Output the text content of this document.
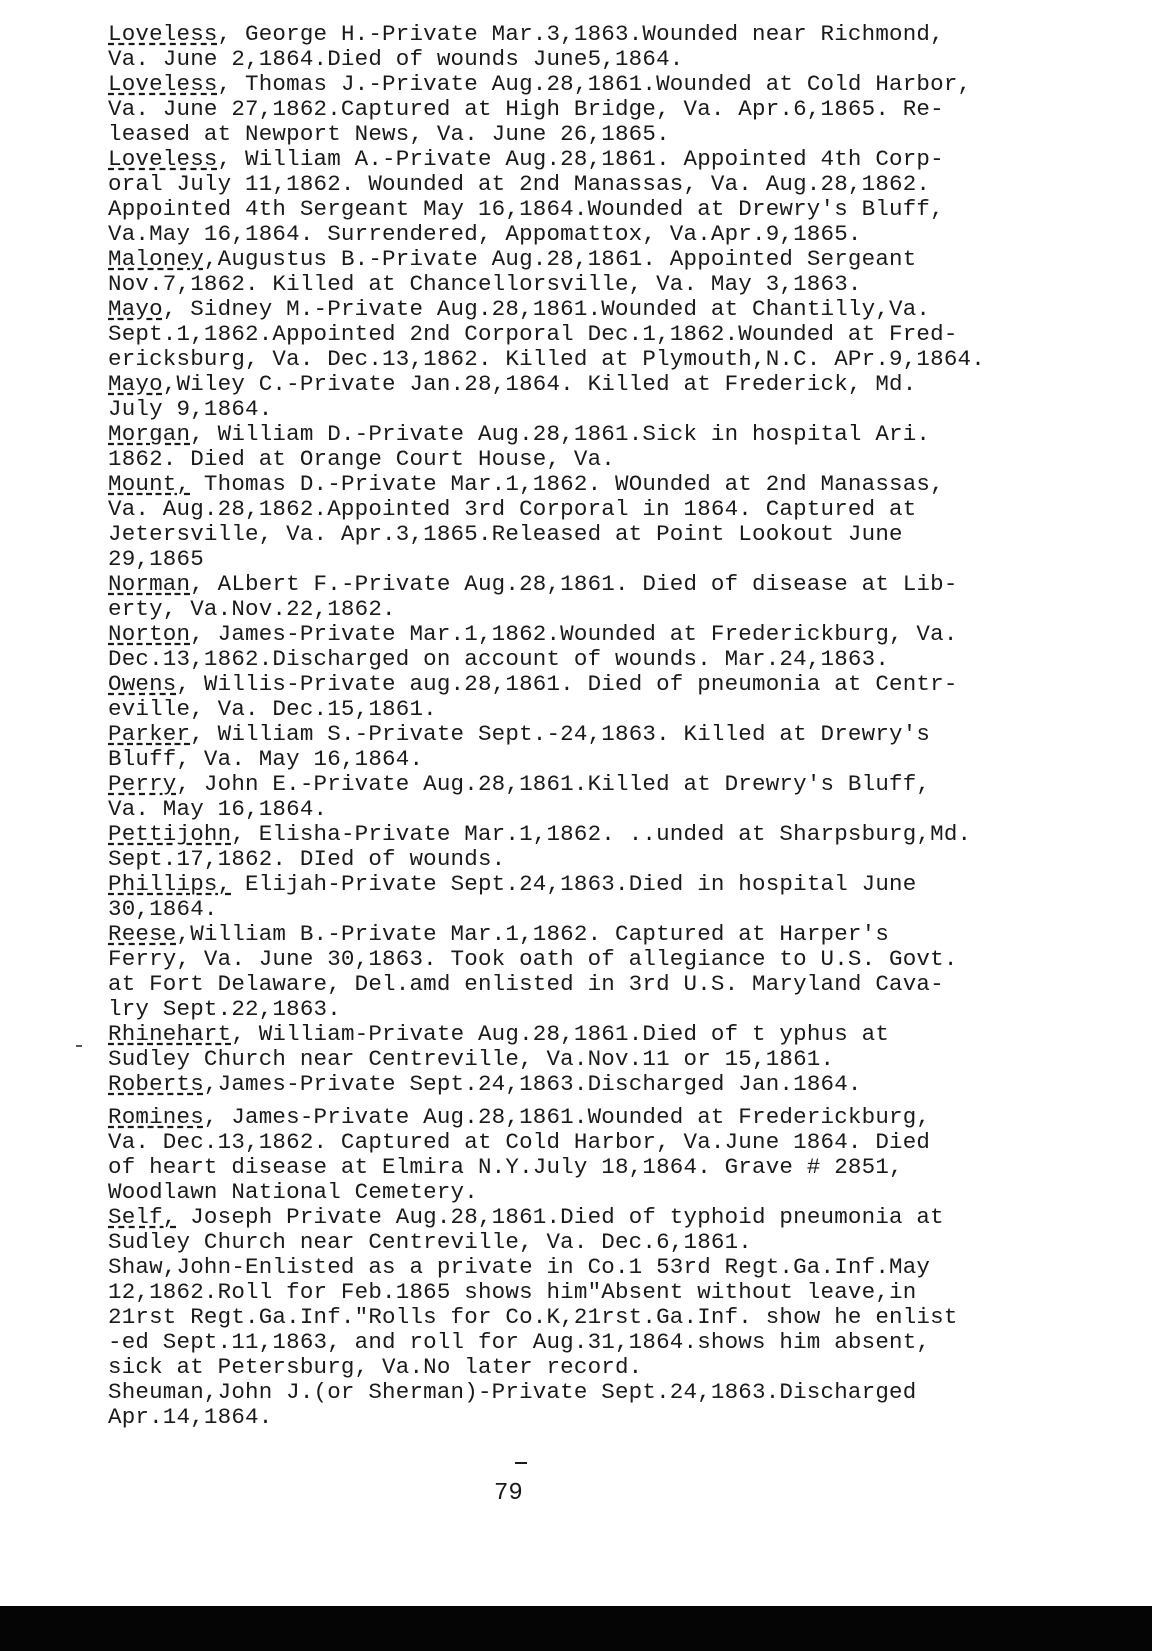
Loveless, George H.-Private Mar.3,1863.Wounded near Richmond,
Va. June 2,1864.Died of wounds June5,1864.
Loveless, Thomas J.-Private Aug.28,1861.Wounded at Cold Harbor,
Va. June 27,1862.Captured at High Bridge, Va. Apr.6,1865. Re-
leased at Newport News, Va. June 26,1865.
Loveless, William A.-Private Aug.28,1861. Appointed 4th Corp-
oral July 11,1862. Wounded at 2nd Manassas, Va. Aug.28,1862.
Appointed 4th Sergeant May 16,1864.Wounded at Drewry's Bluff,
Va.May 16,1864. Surrendered, Appomattox, Va.Apr.9,1865.
Maloney,Augustus B.-Private Aug.28,1861. Appointed Sergeant
Nov.7,1862. Killed at Chancellorsville, Va. May 3,1863.
Mayo, Sidney M.-Private Aug.28,1861.Wounded at Chantilly,Va.
Sept.1,1862.Appointed 2nd Corporal Dec.1,1862.Wounded at Fred-
ericksburg, Va. Dec.13,1862. Killed at Plymouth,N.C. APr.9,1864.
Mayo,Wiley C.-Private Jan.28,1864. Killed at Frederick, Md.
July 9,1864.
Morgan, William D.-Private Aug.28,1861.Sick in hospital Ari.
1862. Died at Orange Court House, Va.
Mount, Thomas D.-Private Mar.1,1862. WOunded at 2nd Manassas,
Va. Aug.28,1862.Appointed 3rd Corporal in 1864. Captured at
Jetersville, Va. Apr.3,1865.Released at Point Lookout June
29,1865
Norman, ALbert F.-Private Aug.28,1861. Died of disease at Lib-
erty, Va.Nov.22,1862.
Norton, James-Private Mar.1,1862.Wounded at Frederickburg, Va.
Dec.13,1862.Discharged on account of wounds. Mar.24,1863.
Owens, Willis-Private aug.28,1861. Died of pneumonia at Centr-
eville, Va. Dec.15,1861.
Parker, William S.-Private Sept.-24,1863. Killed at Drewry's
Bluff, Va. May 16,1864.
Perry, John E.-Private Aug.28,1861.Killed at Drewry's Bluff,
Va. May 16,1864.
Pettijohn, Elisha-Private Mar.1,1862. ..unded at Sharpsburg,Md.
Sept.17,1862. DIed of wounds.
Phillips, Elijah-Private Sept.24,1863.Died in hospital June
30,1864.
Reese,William B.-Private Mar.1,1862. Captured at Harper's
Ferry, Va. June 30,1863. Took oath of allegiance to U.S. Govt.
at Fort Delaware, Del.amd enlisted in 3rd U.S. Maryland Cava-
lry Sept.22,1863.
Rhinehart, William-Private Aug.28,1861.Died of t yphus at
Sudley Church near Centreville, Va.Nov.11 or 15,1861.
Roberts,James-Private Sept.24,1863.Discharged Jan.1864.
Romines, James-Private Aug.28,1861.Wounded at Frederickburg,
Va. Dec.13,1862. Captured at Cold Harbor, Va.June 1864. Died
of heart disease at Elmira N.Y.July 18,1864. Grave # 2851,
Woodlawn National Cemetery.
Self, Joseph Private Aug.28,1861.Died of typhoid pneumonia at
Sudley Church near Centreville, Va. Dec.6,1861.
Shaw,John-Enlisted as a private in Co.1 53rd Regt.Ga.Inf.May
12,1862.Roll for Feb.1865 shows him"Absent without leave,in
21rst Regt.Ga.Inf."Rolls for Co.K,21rst.Ga.Inf. show he enlist
-ed Sept.11,1863, and roll for Aug.31,1864.shows him absent,
sick at Petersburg, Va.No later record.
Sheuman,John J.(or Sherman)-Private Sept.24,1863.Discharged
Apr.14,1864.
79
